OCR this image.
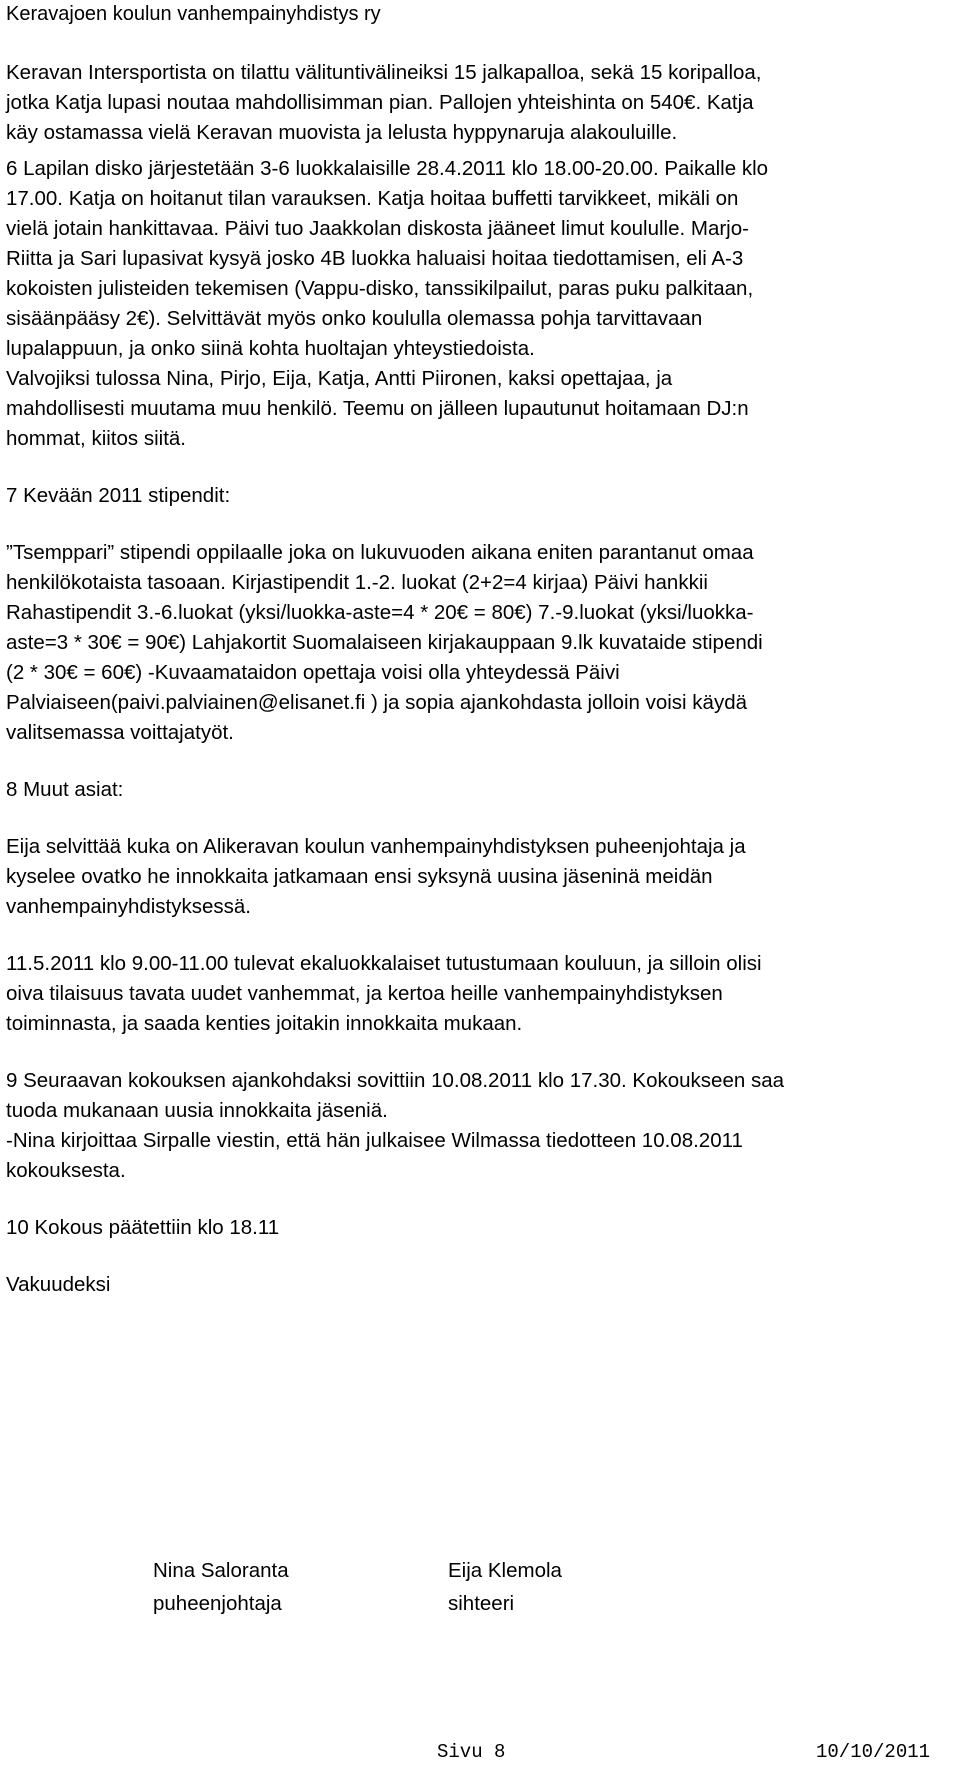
Keravajoen koulun vanhempainyhdistys ry

Keravan Intersportista on tilattu välituntivälineiksi 15 jalkapalloa, sekä 15 koripalloa,
jotka Katja lupasi noutaa mahdollisimman pian. Pallojen yhteishinta on 540€. Katja
käy ostamassa vielä Keravan muovista ja lelusta hyppynaruja alakouluille.

6 Lapilan disko järjestetään 3-6 luokkalaisille 28.4.2011 klo 18.00-20.00. Paikalle klo
17.00. Katja on hoitanut tilan varauksen. Katja hoitaa buffetti tarvikkeet, mikäli on
vielä jotain hankittavaa. Päivi tuo Jaakkolan diskosta jääneet limut koululle. Marjo-
Riitta ja Sari lupasivat kysyä josko 4B luokka haluaisi hoitaa tiedottamisen, eli A-3
kokoisten julisteiden tekemisen (Vappu-disko, tanssikilpailut, paras puku palkitaan,
sisäänpääsy 2€). Selvittävät myös onko koululla olemassa pohja tarvittavaan
lupalappuun, ja onko siinä kohta huoltajan yhteystiedoista.
Valvojiksi tulossa Nina, Pirjo, Eija, Katja, Antti Piironen, kaksi opettajaa, ja
mahdollisesti muutama muu henkilö. Teemu on jälleen lupautunut hoitamaan DJ:n
hommat, kiitos siitä.

7 Kevään 2011 stipendit:

”Tsemppari” stipendi oppilaalle joka on lukuvuoden aikana eniten parantanut omaa
henkilökotaista tasoaan. Kirjastipendit 1.-2. luokat (2+2=4 kirjaa) Päivi hankkii
Rahastipendit 3.-6.luokat (yksi/luokka-aste=4 * 20€ = 80€) 7.-9.luokat (yksi/luokka-
aste=3 * 30€ = 90€) Lahjakortit Suomalaiseen kirjakauppaan 9.lk kuvataide stipendi
(2 * 30€ = 60€) -Kuvaamataidon opettaja voisi olla yhteydessä Päivi
Palviaiseen(paivi.palviainen@elisanet.fi ) ja sopia ajankohdasta jolloin voisi käydä
valitsemassa voittajatyöt.

8 Muut asiat:

Eija selvittää kuka on Alikeravan koulun vanhempainyhdistyksen puheenjohtaja ja
kyselee ovatko he innokkaita jatkamaan ensi syksynä uusina jäseninä meidän
vanhempainyhdistyksessä.

11.5.2011 klo 9.00-11.00 tulevat ekaluokkalaiset tutustumaan kouluun, ja silloin olisi
oiva tilaisuus tavata uudet vanhemmat, ja kertoa heille vanhempainyhdistyksen
toiminnasta, ja saada kenties joitakin innokkaita mukaan.

9 Seuraavan kokouksen ajankohdaksi sovittiin 10.08.2011 klo 17.30. Kokoukseen saa
tuoda mukanaan uusia innokkaita jäseniä.
-Nina kirjoittaa Sirpalle viestin, että hän julkaisee Wilmassa tiedotteen 10.08.2011
kokouksesta.

10 Kokous päätettiin klo 18.11

Vakuudeksi

Nina Saloranta
puheenjohtaja
Eija Klemola
sihteeri
Sivu 8	10/10/2011
